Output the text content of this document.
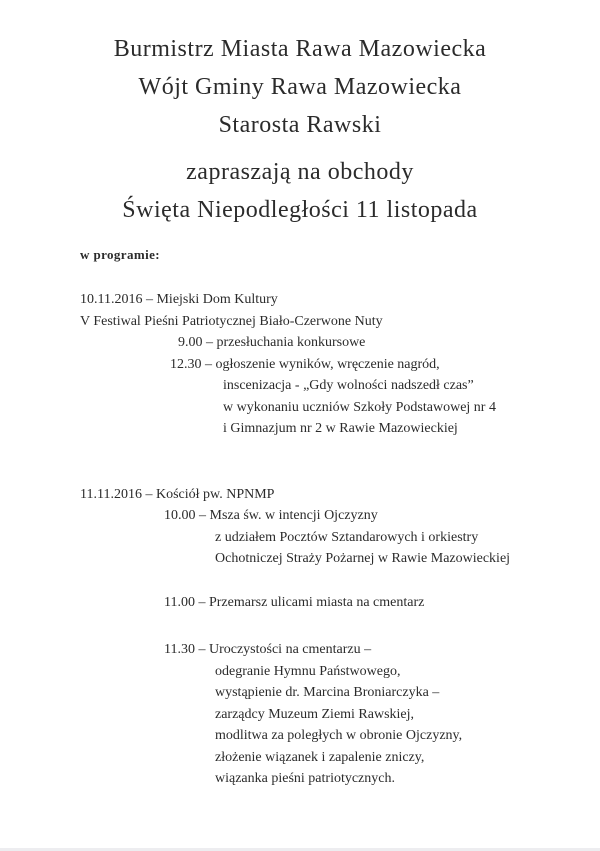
Burmistrz Miasta Rawa Mazowiecka
Wójt Gminy Rawa Mazowiecka
Starosta Rawski
zapraszają na obchody
Święta Niepodległości 11 listopada
w programie:
10.11.2016 – Miejski Dom Kultury
V Festiwal Pieśni Patriotycznej Biało-Czerwone Nuty
9.00 – przesłuchania konkursowe
12.30 – ogłoszenie wyników, wręczenie nagród,
inscenizacja - „Gdy wolności nadszedł czas”
w wykonaniu uczniów Szkoły Podstawowej nr 4
i Gimnazjum nr 2 w Rawie Mazowieckiej
11.11.2016 – Kościół pw. NPNMP
10.00 – Msza św. w intencji Ojczyzny
z udziałem Pocztów Sztandarowych i orkiestry
Ochotniczej Straży Pożarnej w Rawie Mazowieckiej
11.00 – Przemarsz ulicami miasta na cmentarz
11.30 – Uroczystości na cmentarzu –
odegranie Hymnu Państwowego,
wystąpienie dr. Marcina Broniarczyka –
zarządcy Muzeum Ziemi Rawskiej,
modlitwa za poległych w obronie Ojczyzny,
złożenie wiązanek i zapalenie zniczy,
wiązanka pieśni patriotycznych.
